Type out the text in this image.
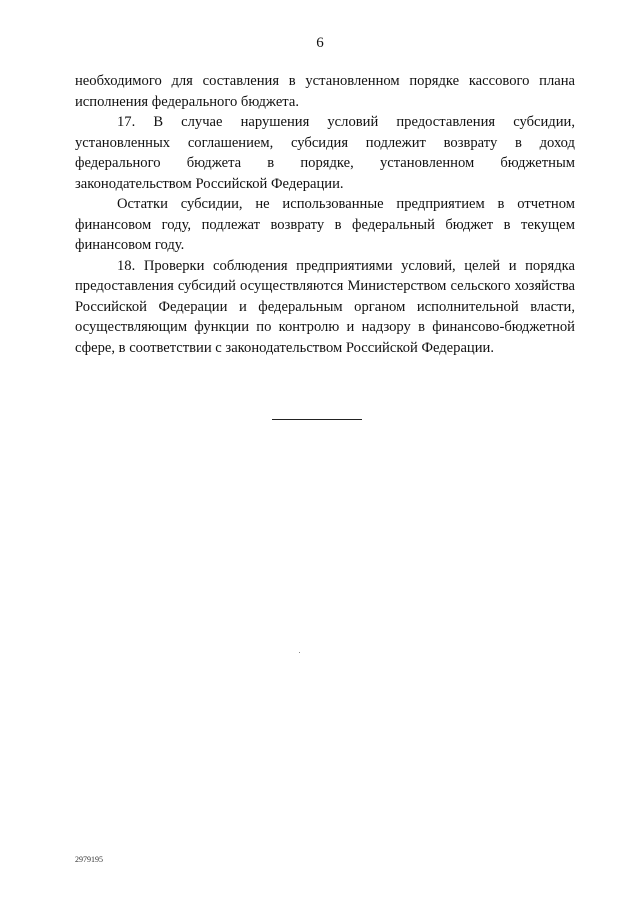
6

необходимого для составления в установленном порядке кассового плана исполнения федерального бюджета.

17. В случае нарушения условий предоставления субсидии, установленных соглашением, субсидия подлежит возврату в доход федерального бюджета в порядке, установленном бюджетным законодательством Российской Федерации.

Остатки субсидии, не использованные предприятием в отчетном финансовом году, подлежат возврату в федеральный бюджет в текущем финансовом году.

18. Проверки соблюдения предприятиями условий, целей и порядка предоставления субсидий осуществляются Министерством сельского хозяйства Российской Федерации и федеральным органом исполнительной власти, осуществляющим функции по контролю и надзору в финансово-бюджетной сфере, в соответствии с законодательством Российской Федерации.

2979195
